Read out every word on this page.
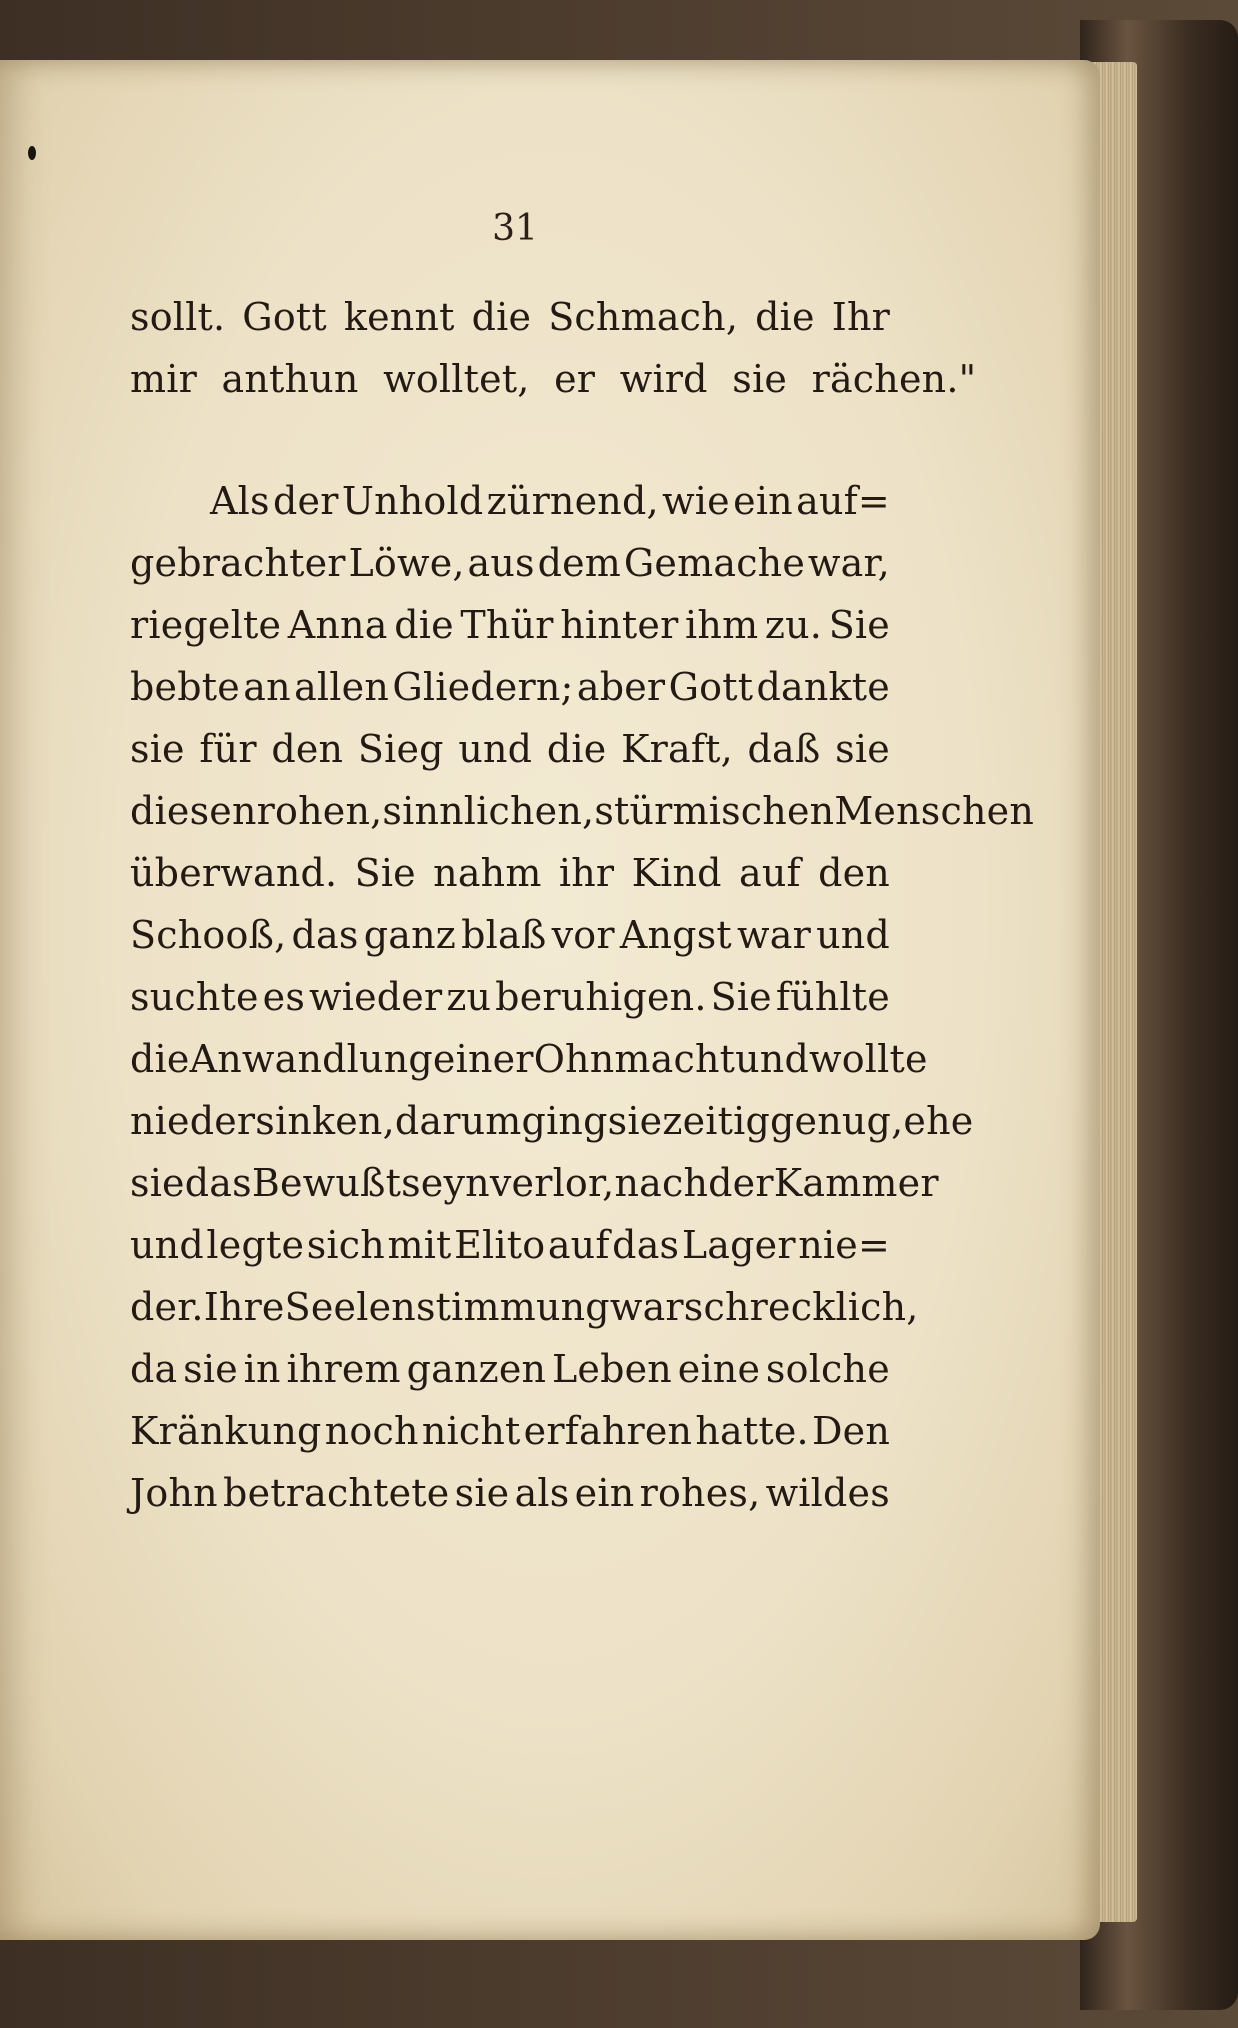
31
sollt. Gott kennt die Schmach, die Ihr
mir
anthun
wolltet,
er
wird
sie
rächen."
Als der Unhold zürnend, wie ein auf=
gebrachter Löwe, aus dem Gemache war,
riegelte Anna die Thür hinter ihm zu. Sie
bebte an allen Gliedern; aber Gott dankte
sie für den Sieg und die Kraft, daß sie
diesen rohen, sinnlichen, stürmischen Menschen
überwand. Sie nahm ihr Kind auf den
Schooß, das ganz blaß vor Angst war und
suchte es wieder zu beruhigen. Sie fühlte
die Anwandlung einer Ohnmacht und wollte
niedersinken, darum ging sie zeitig genug, ehe
sie das Bewußtseyn verlor, nach der Kammer
und legte sich mit Elito auf das Lager nie=
der. Ihre Seelenstimmung war schrecklich,
da sie in ihrem ganzen Leben eine solche
Kränkung noch nicht erfahren hatte. Den
John betrachtete sie als ein rohes, wildes
